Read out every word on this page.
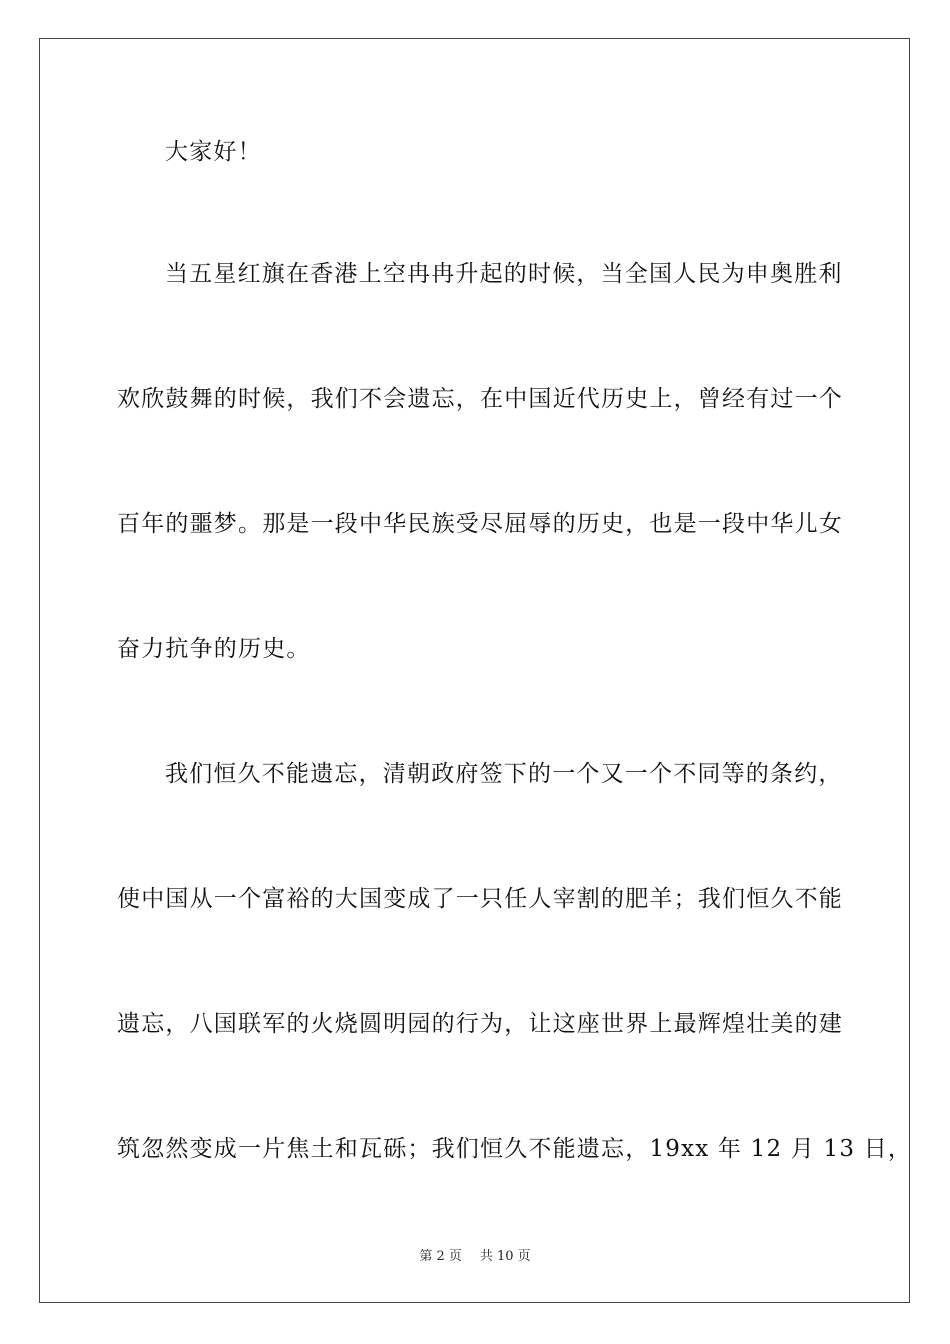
大家好！
当五星红旗在香港上空冉冉升起的时候，当全国人民为申奥胜利
欢欣鼓舞的时候，我们不会遗忘，在中国近代历史上，曾经有过一个
百年的噩梦。那是一段中华民族受尽屈辱的历史，也是一段中华儿女
奋力抗争的历史。
我们恒久不能遗忘，清朝政府签下的一个又一个不同等的条约，
使中国从一个富裕的大国变成了一只任人宰割的肥羊；我们恒久不能
遗忘，八国联军的火烧圆明园的行为，让这座世界上最辉煌壮美的建
筑忽然变成一片焦土和瓦砾；我们恒久不能遗忘，19xx 年 12 月 13 日，
第 2 页 共 10 页
